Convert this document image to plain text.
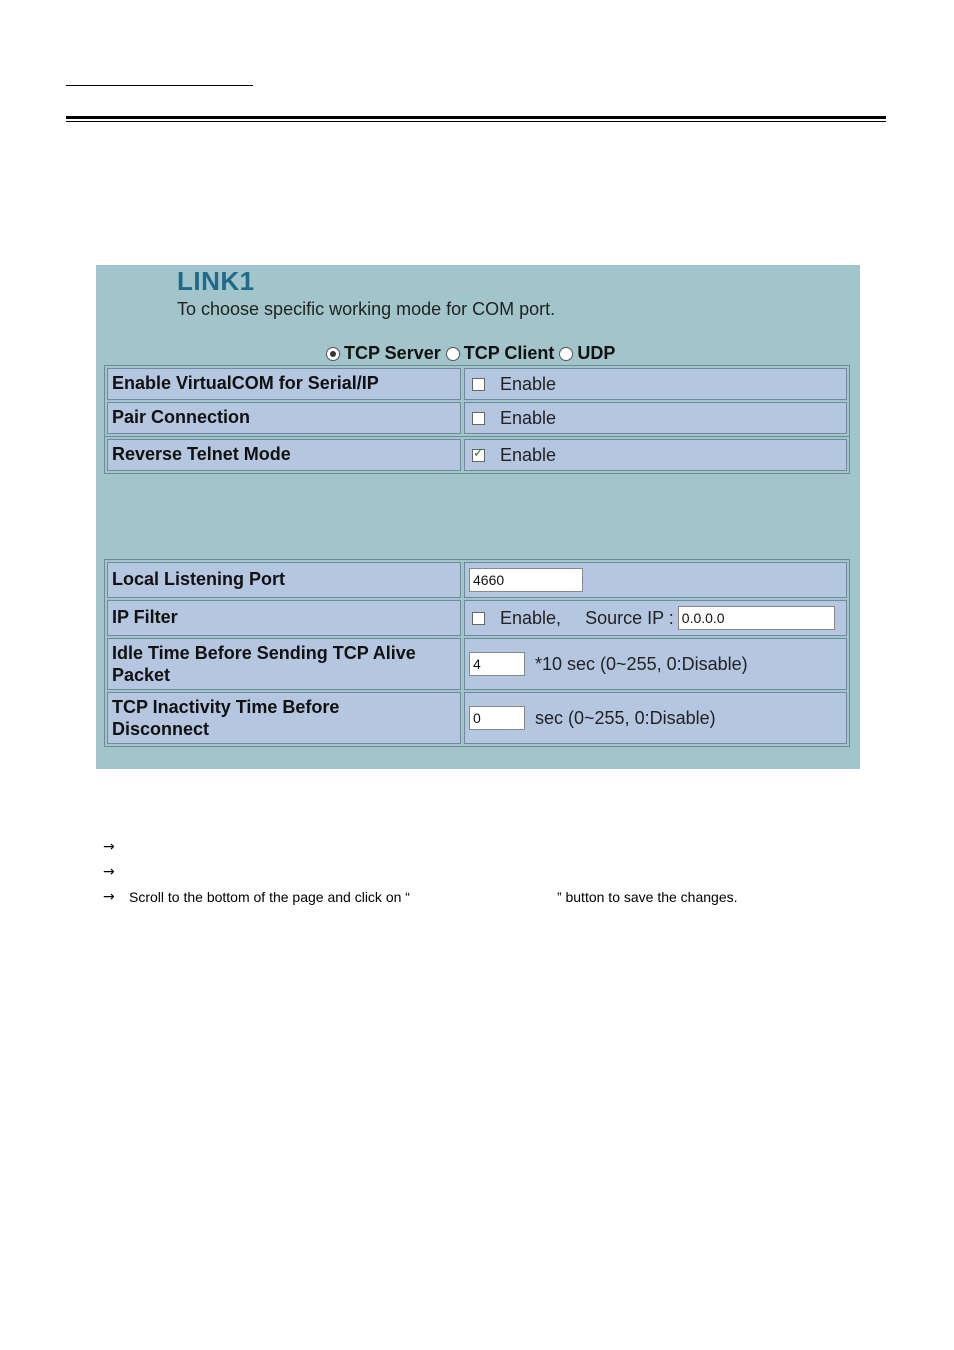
LINK1
To choose specific working mode for COM port.
TCP Server TCP Client UDP
Enable VirtualCOM for Serial/IP	Enable
Pair Connection	Enable
Reverse Telnet Mode
✓	Enable
Local Listening Port
4660
IP Filter	Enable, Source IP :
0.0.0.0
Idle Time Before Sending TCP Alive
Packet
4
*10 sec (0~255, 0:Disable)
TCP Inactivity Time Before
Disconnect
0
sec (0~255, 0:Disable)
→
→
→	Scroll to the bottom of the page and click on “	” button to save the changes.
